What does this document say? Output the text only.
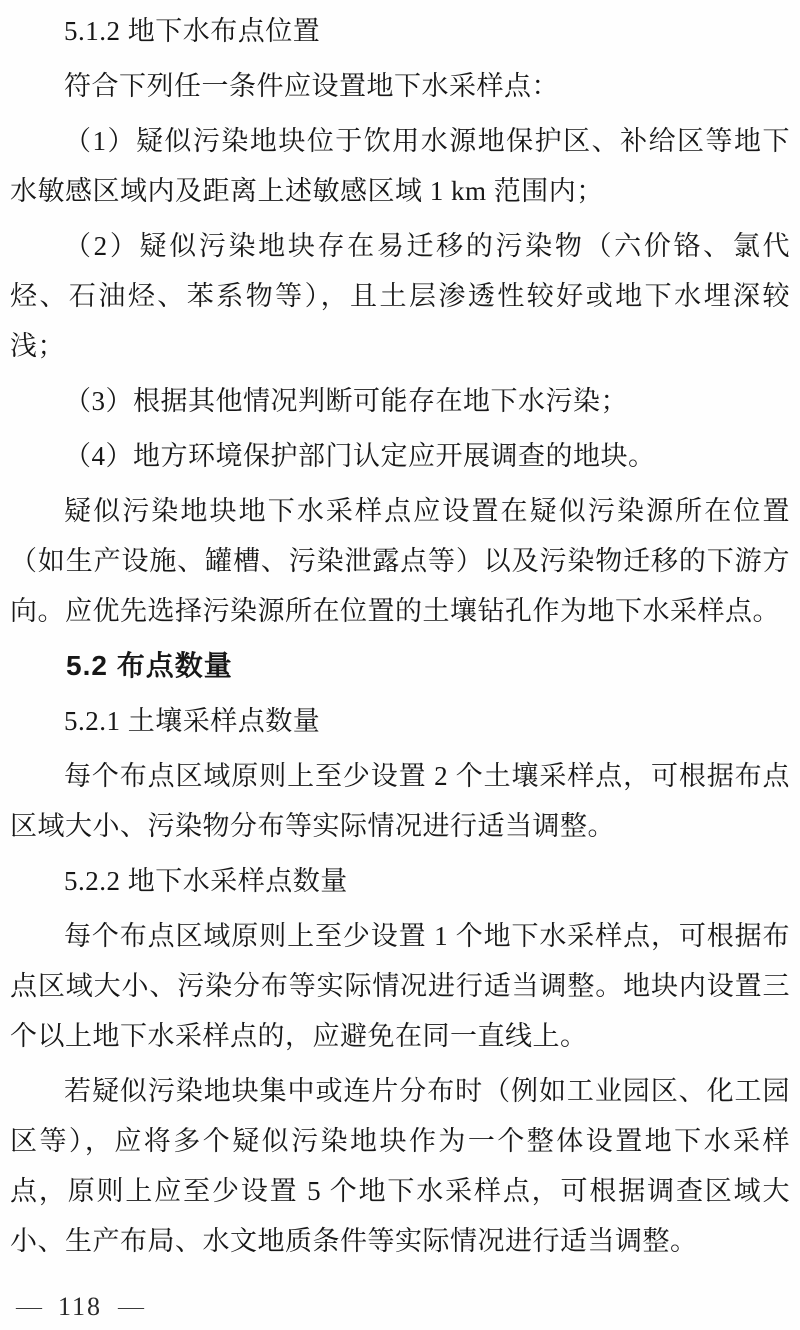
5.1.2 地下水布点位置

符合下列任一条件应设置地下水采样点：

（1）疑似污染地块位于饮用水源地保护区、补给区等地下水敏感区域内及距离上述敏感区域 1 km 范围内；

（2）疑似污染地块存在易迁移的污染物（六价铬、氯代烃、石油烃、苯系物等），且土层渗透性较好或地下水埋深较浅；

（3）根据其他情况判断可能存在地下水污染；

（4）地方环境保护部门认定应开展调查的地块。

疑似污染地块地下水采样点应设置在疑似污染源所在位置（如生产设施、罐槽、污染泄露点等）以及污染物迁移的下游方向。应优先选择污染源所在位置的土壤钻孔作为地下水采样点。

5.2 布点数量

5.2.1 土壤采样点数量

每个布点区域原则上至少设置 2 个土壤采样点，可根据布点区域大小、污染物分布等实际情况进行适当调整。

5.2.2 地下水采样点数量

每个布点区域原则上至少设置 1 个地下水采样点，可根据布点区域大小、污染分布等实际情况进行适当调整。地块内设置三个以上地下水采样点的，应避免在同一直线上。

若疑似污染地块集中或连片分布时（例如工业园区、化工园区等），应将多个疑似污染地块作为一个整体设置地下水采样点，原则上应至少设置 5 个地下水采样点，可根据调查区域大小、生产布局、水文地质条件等实际情况进行适当调整。

— 118 —
